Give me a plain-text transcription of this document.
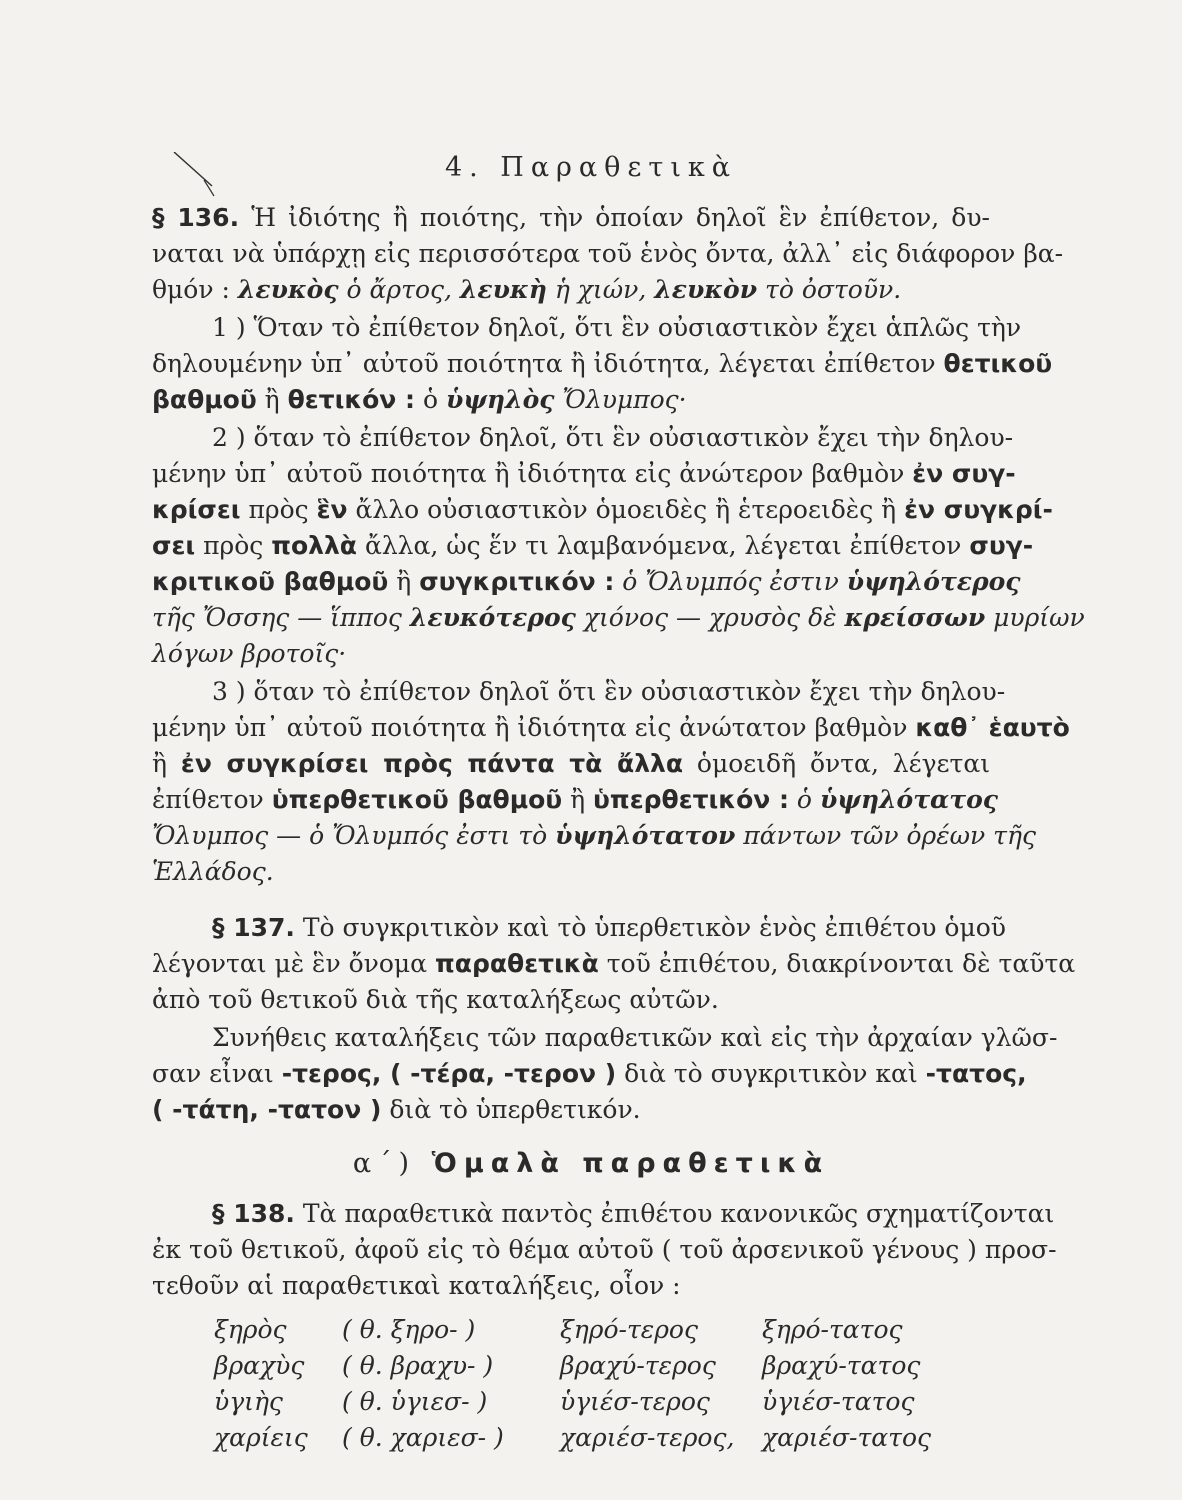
4. Παραθετικὰ
§ 136. Ἡ ἰδιότης ἢ ποιότης, τὴν ὁποίαν δηλοῖ ἓν ἐπίθετον, δυ-
ναται νὰ ὑπάρχῃ εἰς περισσότερα τοῦ ἑνὸς ὄντα, ἀλλ᾽ εἰς διάφορον βα-
θμόν : λευκὸς ὁ ἄρτος, λευκὴ ἡ χιών, λευκὸν τὸ ὀστοῦν.
1 ) Ὅταν τὸ ἐπίθετον δηλοῖ, ὅτι ἓν οὐσιαστικὸν ἔχει ἁπλῶς τὴν
δηλουμένην ὑπ᾽ αὐτοῦ ποιότητα ἢ ἰδιότητα, λέγεται ἐπίθετον θετικοῦ
βαθμοῦ ἢ θετικόν : ὁ ὑψηλὸς Ὄλυμπος·
2 ) ὅταν τὸ ἐπίθετον δηλοῖ, ὅτι ἓν οὐσιαστικὸν ἔχει τὴν δηλου-
μένην ὑπ᾽ αὐτοῦ ποιότητα ἢ ἰδιότητα εἰς ἀνώτερον βαθμὸν ἐν συγ-
κρίσει πρὸς ἓν ἄλλο οὐσιαστικὸν ὁμοειδὲς ἢ ἑτεροειδὲς ἢ ἐν συγκρί-
σει πρὸς πολλὰ ἄλλα, ὡς ἕν τι λαμβανόμενα, λέγεται ἐπίθετον συγ-
κριτικοῦ βαθμοῦ ἢ συγκριτικόν : ὁ Ὄλυμπός ἐστιν ὑψηλότερος
τῆς Ὄσσης — ἵππος λευκότερος χιόνος — χρυσὸς δὲ κρείσσων μυρίων
λόγων βροτοῖς·
3 ) ὅταν τὸ ἐπίθετον δηλοῖ ὅτι ἓν οὐσιαστικὸν ἔχει τὴν δηλου-
μένην ὑπ᾽ αὐτοῦ ποιότητα ἢ ἰδιότητα εἰς ἀνώτατον βαθμὸν καθ᾽ ἑαυτὸ
ἢ ἐν συγκρίσει πρὸς πάντα τὰ ἄλλα ὁμοειδῆ ὄντα, λέγεται
ἐπίθετον ὑπερθετικοῦ βαθμοῦ ἢ ὑπερθετικόν : ὁ ὑψηλότατος
Ὄλυμπος — ὁ Ὄλυμπός ἐστι τὸ ὑψηλότατον πάντων τῶν ὀρέων τῆς
Ἑλλάδος.
§ 137. Τὸ συγκριτικὸν καὶ τὸ ὑπερθετικὸν ἑνὸς ἐπιθέτου ὁμοῦ
λέγονται μὲ ἓν ὄνομα παραθετικὰ τοῦ ἐπιθέτου, διακρίνονται δὲ ταῦτα
ἀπὸ τοῦ θετικοῦ διὰ τῆς καταλήξεως αὐτῶν.
Συνήθεις καταλήξεις τῶν παραθετικῶν καὶ εἰς τὴν ἀρχαίαν γλῶσ-
σαν εἶναι -τερος, ( -τέρα, -τερον ) διὰ τὸ συγκριτικὸν καὶ -τατος,
( -τάτη, -τατον ) διὰ τὸ ὑπερθετικόν.
α΄) Ὁμαλὰ παραθετικὰ
§ 138. Τὰ παραθετικὰ παντὸς ἐπιθέτου κανονικῶς σχηματίζονται
ἐκ τοῦ θετικοῦ, ἀφοῦ εἰς τὸ θέμα αὐτοῦ ( τοῦ ἀρσενικοῦ γένους ) προσ-
τεθοῦν αἱ παραθετικαὶ καταλήξεις, οἷον :
ξηρὸς ( θ. ξηρο- )	ξηρό-τερος	ξηρό-τατος
βραχὺς ( θ. βραχυ- )	βραχύ-τερος βραχύ-τατος
ὑγιὴς ( θ. ὑγιεσ- )	ὑγιέσ-τερος ὑγιέσ-τατος
χαρίεις ( θ. χαριεσ- ) χαριέσ-τερος, χαριέσ-τατος
